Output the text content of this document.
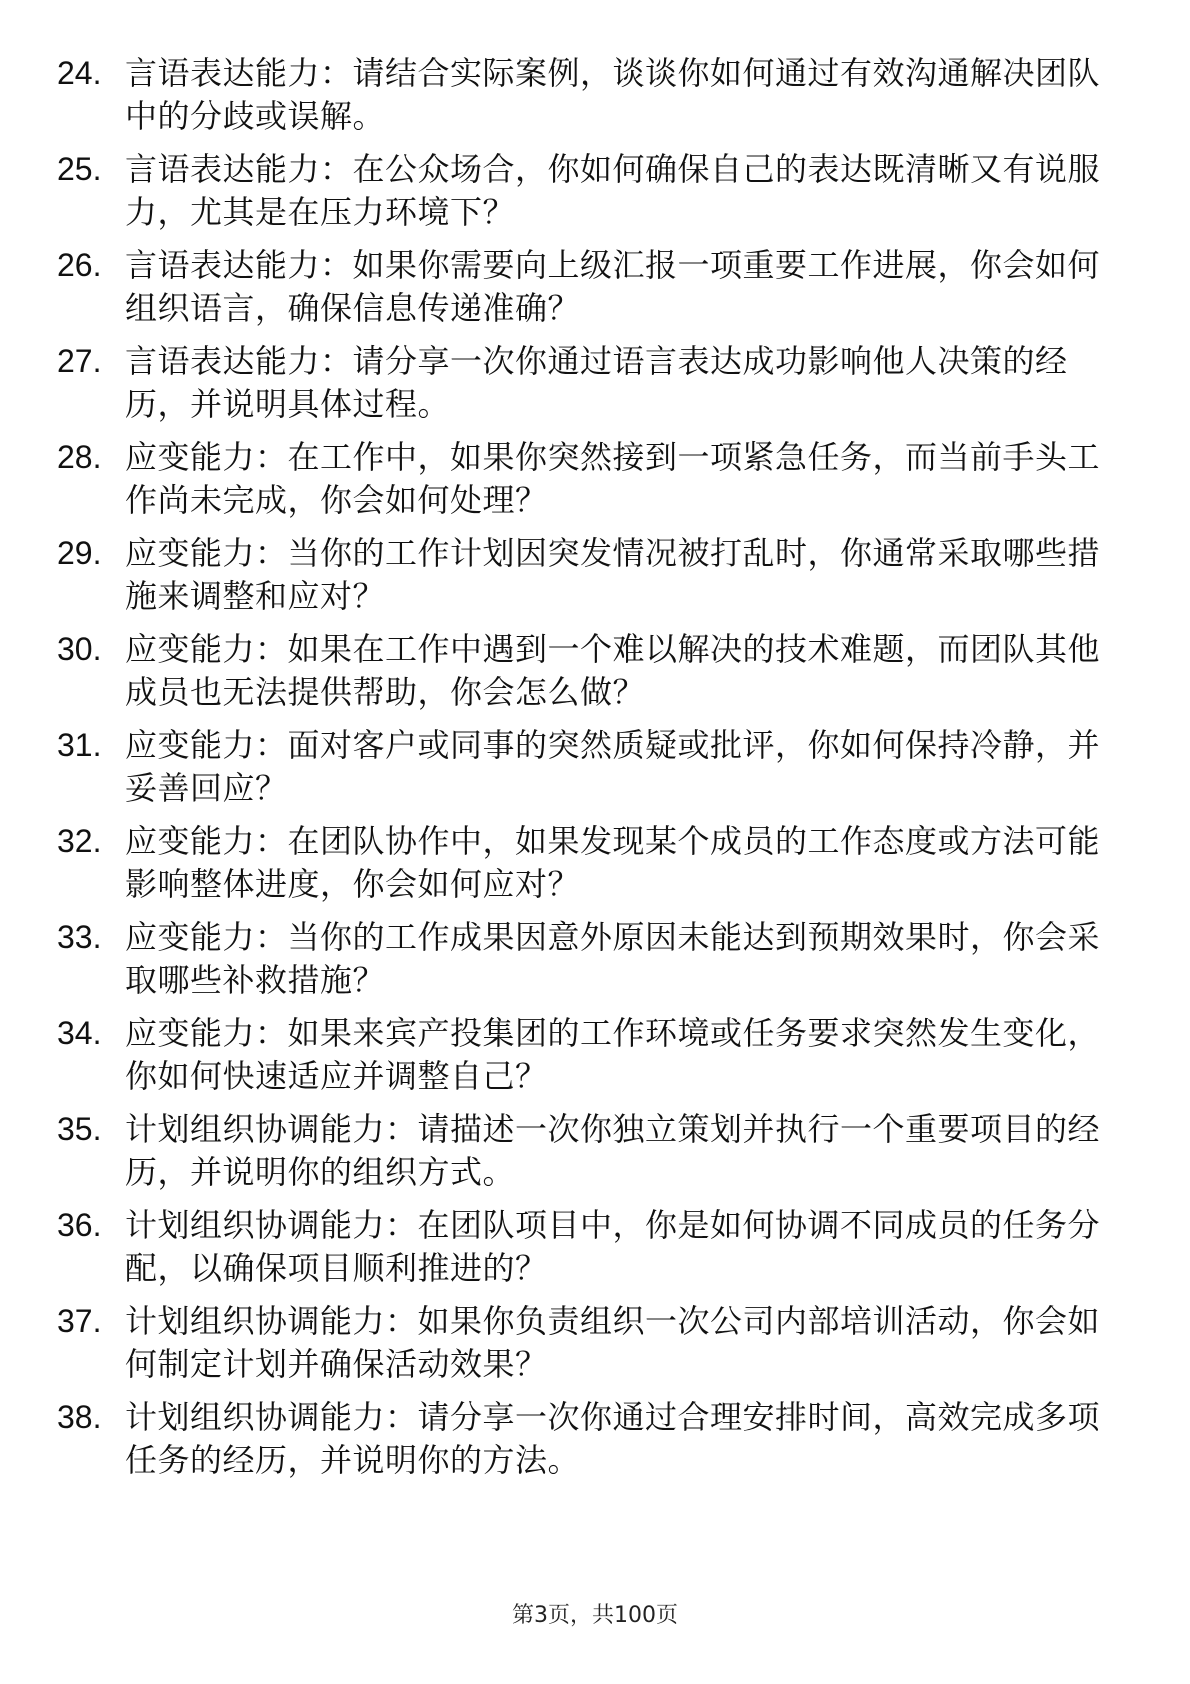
24. 言语表达能力：请结合实际案例，谈谈你如何通过有效沟通解决团队中的分歧或误解。
25. 言语表达能力：在公众场合，你如何确保自己的表达既清晰又有说服力，尤其是在压力环境下？
26. 言语表达能力：如果你需要向上级汇报一项重要工作进展，你会如何组织语言，确保信息传递准确？
27. 言语表达能力：请分享一次你通过语言表达成功影响他人决策的经历，并说明具体过程。
28. 应变能力：在工作中，如果你突然接到一项紧急任务，而当前手头工作尚未完成，你会如何处理？
29. 应变能力：当你的工作计划因突发情况被打乱时，你通常采取哪些措施来调整和应对？
30. 应变能力：如果在工作中遇到一个难以解决的技术难题，而团队其他成员也无法提供帮助，你会怎么做？
31. 应变能力：面对客户或同事的突然质疑或批评，你如何保持冷静，并妥善回应？
32. 应变能力：在团队协作中，如果发现某个成员的工作态度或方法可能影响整体进度，你会如何应对？
33. 应变能力：当你的工作成果因意外原因未能达到预期效果时，你会采取哪些补救措施？
34. 应变能力：如果来宾产投集团的工作环境或任务要求突然发生变化，你如何快速适应并调整自己？
35. 计划组织协调能力：请描述一次你独立策划并执行一个重要项目的经历，并说明你的组织方式。
36. 计划组织协调能力：在团队项目中，你是如何协调不同成员的任务分配，以确保项目顺利推进的？
37. 计划组织协调能力：如果你负责组织一次公司内部培训活动，你会如何制定计划并确保活动效果？
38. 计划组织协调能力：请分享一次你通过合理安排时间，高效完成多项任务的经历，并说明你的方法。
第3页，共100页
